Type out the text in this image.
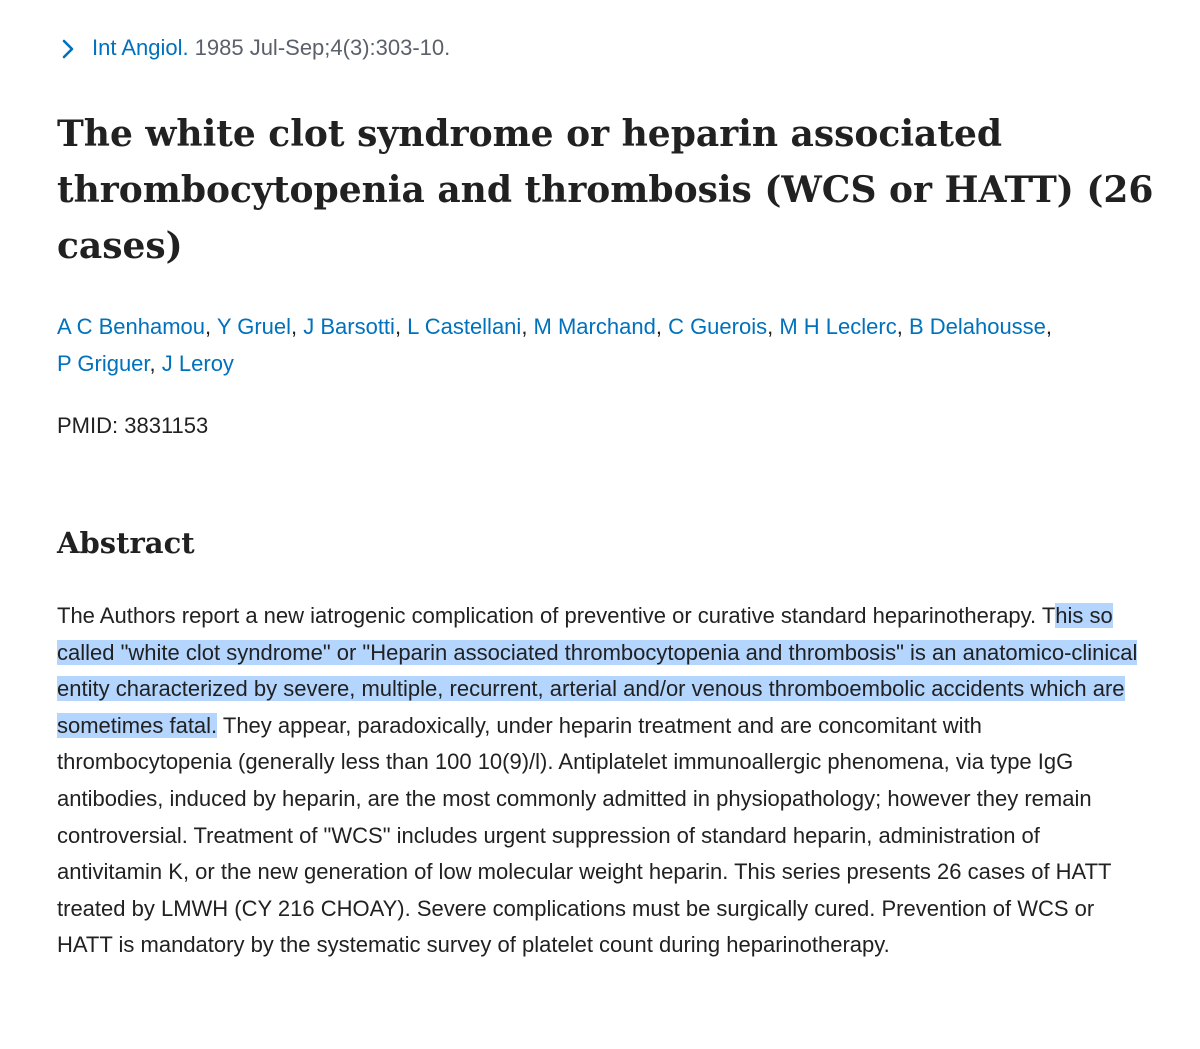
Int Angiol. 1985 Jul-Sep;4(3):303-10.
The white clot syndrome or heparin associated thrombocytopenia and thrombosis (WCS or HATT) (26 cases)
A C Benhamou, Y Gruel, J Barsotti, L Castellani, M Marchand, C Guerois, M H Leclerc, B Delahousse, P Griguer, J Leroy
PMID: 3831153
Abstract
The Authors report a new iatrogenic complication of preventive or curative standard heparinotherapy. This so called "white clot syndrome" or "Heparin associated thrombocytopenia and thrombosis" is an anatomico-clinical entity characterized by severe, multiple, recurrent, arterial and/or venous thromboembolic accidents which are sometimes fatal. They appear, paradoxically, under heparin treatment and are concomitant with thrombocytopenia (generally less than 100 10(9)/l). Antiplatelet immunoallergic phenomena, via type IgG antibodies, induced by heparin, are the most commonly admitted in physiopathology; however they remain controversial. Treatment of "WCS" includes urgent suppression of standard heparin, administration of antivitamin K, or the new generation of low molecular weight heparin. This series presents 26 cases of HATT treated by LMWH (CY 216 CHOAY). Severe complications must be surgically cured. Prevention of WCS or HATT is mandatory by the systematic survey of platelet count during heparinotherapy.
